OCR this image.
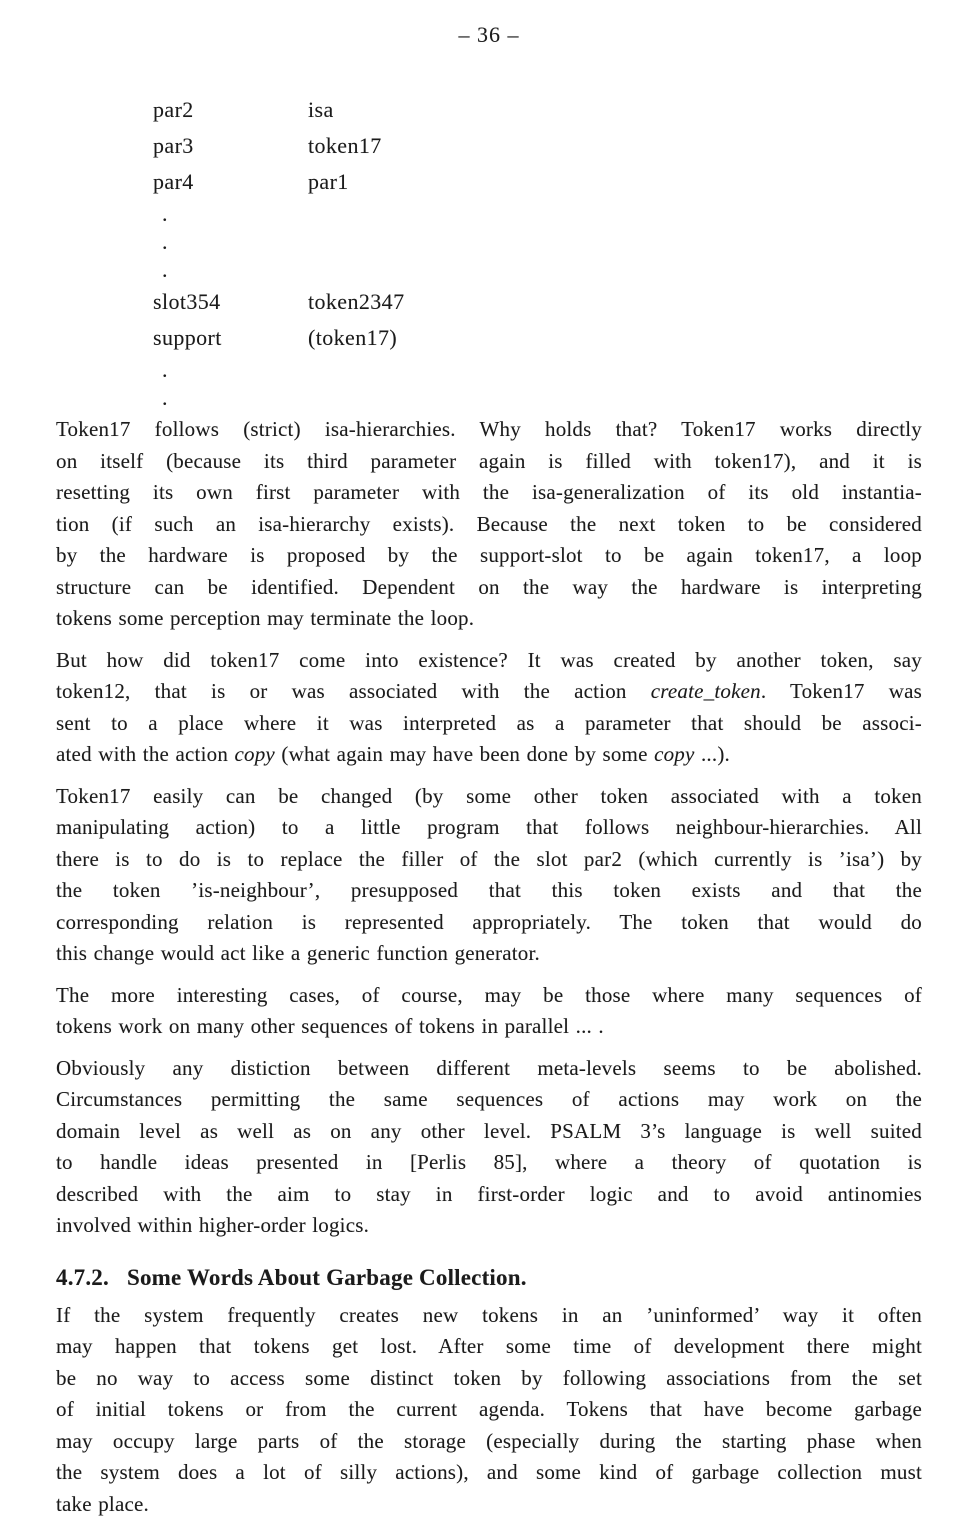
– 36 –
par2	isa
par3	token17
par4	par1
.
.
.
slot354	token2347
support	(token17)
.
.
Token17 follows (strict) isa-hierarchies. Why holds that? Token17 works directly
on itself (because its third parameter again is filled with token17), and it is
resetting its own first parameter with the isa-generalization of its old instantia-
tion (if such an isa-hierarchy exists). Because the next token to be considered
by the hardware is proposed by the support-slot to be again token17, a loop
structure can be identified. Dependent on the way the hardware is interpreting
tokens some perception may terminate the loop.
But how did token17 come into existence? It was created by another token, say
token12, that is or was associated with the action create_token. Token17 was
sent to a place where it was interpreted as a parameter that should be associ-
ated with the action copy (what again may have been done by some copy ...).
Token17 easily can be changed (by some other token associated with a token
manipulating action) to a little program that follows neighbour-hierarchies. All
there is to do is to replace the filler of the slot par2 (which currently is ’isa’) by
the token ’is-neighbour’, presupposed that this token exists and that the
corresponding relation is represented appropriately. The token that would do
this change would act like a generic function generator.
The more interesting cases, of course, may be those where many sequences of
tokens work on many other sequences of tokens in parallel ... .
Obviously any distiction between different meta-levels seems to be abolished.
Circumstances permitting the same sequences of actions may work on the
domain level as well as on any other level. PSALM 3’s language is well suited
to handle ideas presented in [Perlis 85], where a theory of quotation is
described with the aim to stay in first-order logic and to avoid antinomies
involved within higher-order logics.
4.7.2. Some Words About Garbage Collection.
If the system frequently creates new tokens in an ’uninformed’ way it often
may happen that tokens get lost. After some time of development there might
be no way to access some distinct token by following associations from the set
of initial tokens or from the current agenda. Tokens that have become garbage
may occupy large parts of the storage (especially during the starting phase when
the system does a lot of silly actions), and some kind of garbage collection must
take place.
